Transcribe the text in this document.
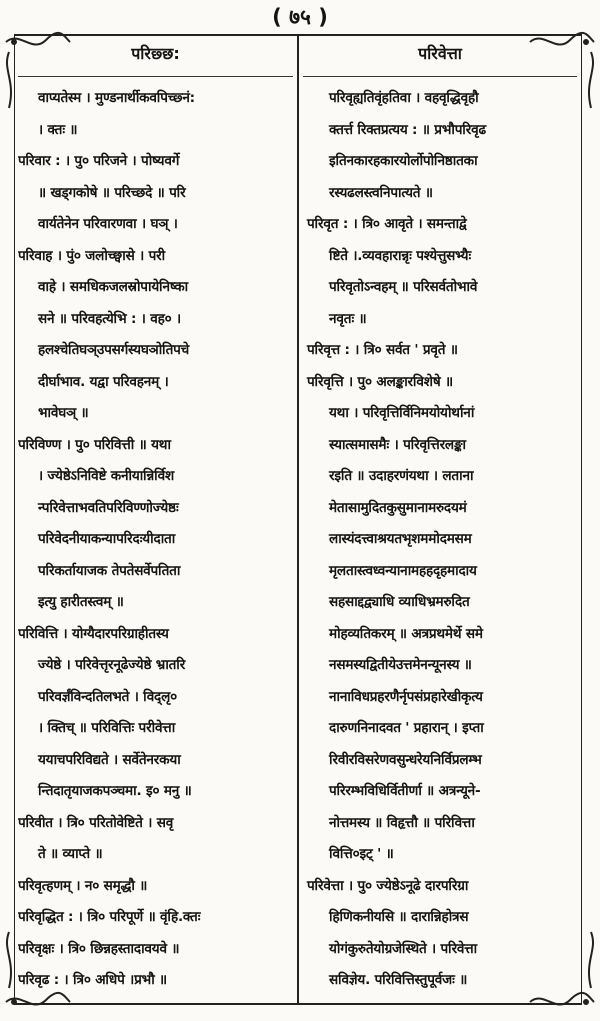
( ७५ )
परिछ्छ:
वाप्यतेस्म । मुण्डनार्थीकवपिच्छ्नं:
। क्तः ॥
परिवार : । पु० परिजने । पोष्यवर्गे
॥ खड्गकोषे ॥ परिच्छदे ॥ परि
वार्यतेनेन परिवारणवा । घञ् ।
परिवाह । पुं० जलोच्छ्वासे । परी
वाहे । समधिकजलस्रोपायेनिष्का
सने ॥ परिवहत्येभि : । वह० ।
हलश्चेतिघञ्उपसर्गस्यघञोतिपचे
दीर्घाभाव. यद्वा परिवहनम् ।
भावेघञ् ॥
परिविण्ण । पु० परिवित्ती ॥ यथा
। ज्येष्ठेऽनिविष्टे कनीयान्निर्विश
न्परिवेत्ताभवतिपरिविण्णोज्येष्ठः
परिवेदनीयाकन्यापरिदःयीदाता
परिकर्तायाजक तेपतेसर्वेपतिता
इत्यु हारीतस्त्वम् ॥
परिवित्ति । योग्यैदारपरिग्राहीतस्य
ज्येष्ठे । परिवेत्तृरनूढेज्येष्ठे भ्रातरि
परिवर्ज्ञंविन्दतिलभते । विद्लृ०
। क्तिच् ॥ परिवित्तिः परीवेत्ता
ययाचपरिविद्यते । सर्वेतेनरकया
न्तिदातृयाजकपञ्चमा. इ० मनु ॥
परिवीत । त्रि० परितोवेष्टिते । सवृ
ते ॥ व्याप्ते ॥
परिवृत्हणम् । न० समृद्धौ ॥
परिवृद्धित : । त्रि० परिपूर्णे ॥ वृंहि.क्तः
परिवृक्षः । त्रि० छिन्नहस्तादावयवे ॥
परिवृढ : । त्रि० अधिपे ।प्रभौ ॥
परिवेत्ता
परिवृह्यतिवृंहतिवा । वहवृद्धिवृहौ
क्तर्त्त रिक्तप्रत्यय : ॥ प्रभौपरिवृढ
इतिनकारहकारयोर्लोपोनिष्ठातका
रस्यढलस्त्वनिपात्यते ॥
परिवृत : । त्रि० आवृते । समन्ताद्वे
ष्टिते ।.व्यवहारान्नृः पश्येत्तुसभ्यैः
परिवृतोऽन्वहम् ॥ परिसर्वतोभावे
नवृतः ॥
परिवृत्त : । त्रि० सर्वत ' प्रवृते ॥
परिवृत्ति । पु० अलङ्कारविशेषे ॥
यथा । परिवृत्तिर्विनिमयोयोर्थानां
स्यात्समासमैः । परिवृत्तिरलङ्का
रइति ॥ उदाहरणंयथा । लताना
मेतासामुदितकुसुमानामरुदयमं
लास्यंदत्त्वाश्रयतभृशममोदमसम
मृलतास्त्वध्वन्यानामहहदृहमादाय
सहसाद्दद्व्याधि व्याधिभ्रमरुदित
मोहव्यतिकरम् ॥ अत्रप्रथमेर्थे समे
नसमस्यद्वितीयेउत्तमेनन्यूनस्य ॥
नानाविधप्रहरणैर्नृपसंप्रहारेखीकृत्य
दारुणनिनादवत ' प्रहारान् । इप्ता
रिवीरविसरेणवसुन्धरेयनिर्विप्रलम्भ
परिरम्भविधिर्वितीर्णा ॥ अत्रन्यूने-
नोत्तमस्य ॥ विहृत्तौ ॥ परिवित्ता
वित्ति०इट् ' ॥
परिवेत्ता । पु० ज्येष्ठेऽनूढे दारपरिग्रा
हिणिकनीयसि ॥ दारान्निहोत्रस
योगंकुरुतेयोग्रजेस्थिते । परिवेत्ता
सविज्ञेय. परिवित्तिस्तुपूर्वजः ॥
